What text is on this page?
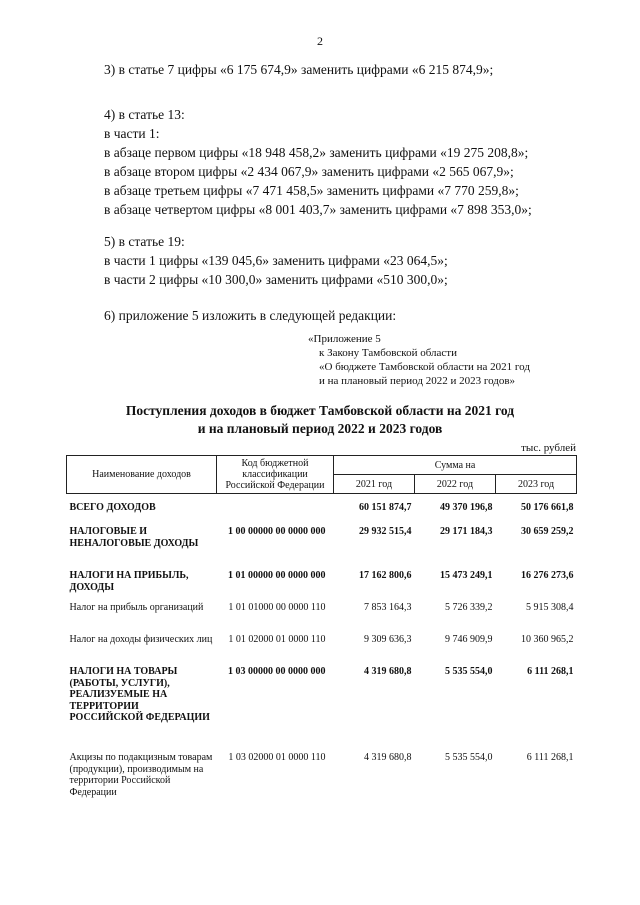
2
3) в статье 7 цифры «6 175 674,9» заменить цифрами «6 215 874,9»;
4) в статье 13:
в части 1:
в абзаце первом цифры «18 948 458,2» заменить цифрами «19 275 208,8»;
в абзаце втором цифры «2 434 067,9» заменить цифрами «2 565 067,9»;
в абзаце третьем цифры «7 471 458,5» заменить цифрами «7 770 259,8»;
в абзаце четвертом цифры «8 001 403,7» заменить цифрами «7 898 353,0»;
5) в статье 19:
в части 1 цифры «139 045,6» заменить цифрами «23 064,5»;
в части 2 цифры «10 300,0» заменить цифрами «510 300,0»;
6) приложение 5 изложить в следующей редакции:
«Приложение 5
к Закону Тамбовской области
«О бюджете Тамбовской области на 2021 год
и на плановый период 2022 и 2023 годов»
Поступления доходов в бюджет Тамбовской области на 2021 год
и на плановый период 2022 и 2023 годов
тыс. рублей
Наименование доходов	Код бюджетной классификации Российской Федерации	Сумма на		
		2021 год	2022 год	2023 год

ВСЕГО ДОХОДОВ		60 151 874,7	49 370 196,8	50 176 661,8
НАЛОГОВЫЕ И НЕНАЛОГОВЫЕ ДОХОДЫ	1 00 00000 00 0000 000	29 932 515,4	29 171 184,3	30 659 259,2
НАЛОГИ НА ПРИБЫЛЬ, ДОХОДЫ	1 01 00000 00 0000 000	17 162 800,6	15 473 249,1	16 276 273,6
Налог на прибыль организаций	1 01 01000 00 0000 110	7 853 164,3	5 726 339,2	5 915 308,4
Налог на доходы физических лиц	1 01 02000 01 0000 110	9 309 636,3	9 746 909,9	10 360 965,2
НАЛОГИ НА ТОВАРЫ (РАБОТЫ, УСЛУГИ), РЕАЛИЗУЕМЫЕ НА ТЕРРИТОРИИ РОССИЙСКОЙ ФЕДЕРАЦИИ	1 03 00000 00 0000 000	4 319 680,8	5 535 554,0	6 111 268,1
Акцизы по подакцизным товарам (продукции), производимым на территории Российской Федерации	1 03 02000 01 0000 110	4 319 680,8	5 535 554,0	6 111 268,1
